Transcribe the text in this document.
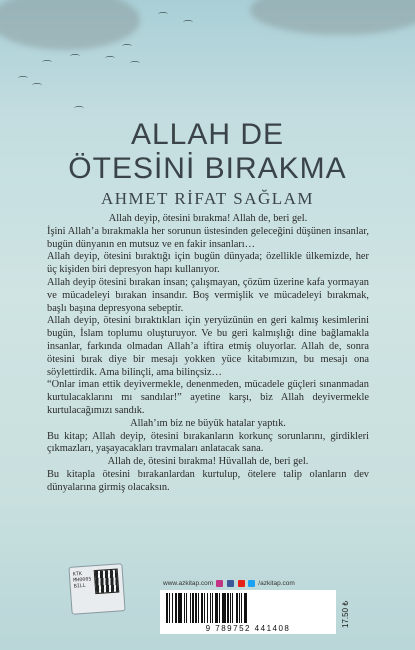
⌒
⌒
⌒
⌒ ⌒
⌒
⌒
⌒
⌒
⌒
ALLAH DE
ÖTESİNİ BIRAKMA
AHMET RİFAT SAĞLAM

Allah deyip, ötesini bırakma! Allah de, beri gel.

İşini Allah’a bırakmakla her sorunun üstesinden geleceğini düşünen insanlar, bugün dünyanın en mutsuz ve en fakir insanları…

Allah deyip, ötesini bıraktığı için bugün dünyada; özellikle ülkemizde, her üç kişiden biri depresyon hapı kullanıyor.

Allah deyip ötesini bırakan insan; çalışmayan, çözüm üzerine kafa yormayan ve mücadeleyi bırakan insandır. Boş vermişlik ve mücadeleyi bırakmak, başlı başına depresyona sebeptir.

Allah deyip, ötesini bıraktıkları için yeryüzünün en geri kalmış kesimlerini bugün, İslam toplumu oluşturuyor. Ve bu geri kalmışlığı dine bağlamakla insanlar, farkında olmadan Allah’a iftira etmiş oluyorlar. Allah de, sonra ötesini bırak diye bir mesajı yokken yüce kitabımızın, bu mesajı ona söylettirdik. Ama bilinçli, ama bilinçsiz…

“Onlar iman ettik deyivermekle, denenmeden, mücadele güçleri sınanmadan kurtulacaklarını mı sandılar!” ayetine karşı, biz Allah deyivermekle kurtulacağımızı sandık.

Allah’ım biz ne büyük hatalar yaptık.

Bu kitap; Allah deyip, ötesini bırakanların korkunç sorunlarını, girdikleri çıkmazları, yaşayacakları travmaları anlatacak sana.

Allah de, ötesini bırakma! Hüvallah de, beri gel.

Bu kitapla ötesini bırakanlardan kurtulup, ötelere talip olanların dev dünyalarına girmiş olacaksın.

KTK MH0005 BILL	www.azkitap.com	/azkitap.com
9 789752 441408
17.50 ₺
